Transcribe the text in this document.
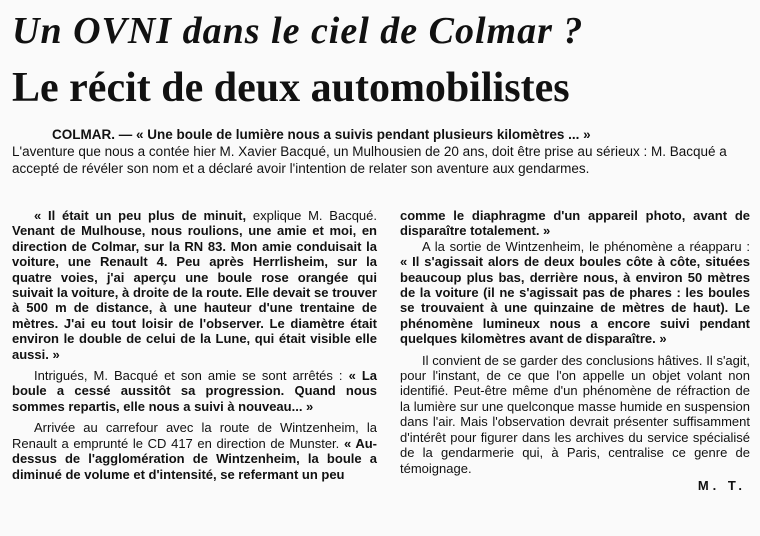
Un OVNI dans le ciel de Colmar ?
Le récit de deux automobilistes
COLMAR. — « Une boule de lumière nous a suivis pendant plusieurs kilomètres ... »
L'aventure que nous a contée hier M. Xavier Bacqué, un Mulhousien de 20 ans, doit être prise au sérieux : M. Bacqué a accepté de révéler son nom et a déclaré avoir l'intention de relater son aventure aux gendarmes.

« Il était un peu plus de minuit, explique M. Bacqué. Venant de Mulhouse, nous roulions, une amie et moi, en direction de Colmar, sur la RN 83. Mon amie conduisait la voiture, une Renault 4. Peu après Herrlisheim, sur la quatre voies, j'ai aperçu une boule rose orangée qui suivait la voiture, à droite de la route. Elle devait se trouver à 500 m de distance, à une hauteur d'une trentaine de mètres. J'ai eu tout loisir de l'observer. Le diamètre était environ le double de celui de la Lune, qui était visible elle aussi. »

Intrigués, M. Bacqué et son amie se sont arrêtés : « La boule a cessé aussitôt sa progression. Quand nous sommes repartis, elle nous a suivi à nouveau... »

Arrivée au carrefour avec la route de Wintzenheim, la Renault a emprunté le CD 417 en direction de Munster. « Au-dessus de l'agglomération de Wintzenheim, la boule a diminué de volume et d'intensité, se refermant un peu

comme le diaphragme d'un appareil photo, avant de disparaître totalement. »

A la sortie de Wintzenheim, le phénomène a réapparu : « Il s'agissait alors de deux boules côte à côte, situées beaucoup plus bas, derrière nous, à environ 50 mètres de la voiture (il ne s'agissait pas de phares : les boules se trouvaient à une quinzaine de mètres de haut). Le phénomène lumineux nous a encore suivi pendant quelques kilomètres avant de disparaître. »

Il convient de se garder des conclusions hâtives. Il s'agit, pour l'instant, de ce que l'on appelle un objet volant non identifié. Peut-être même d'un phénomène de réfraction de la lumière sur une quelconque masse humide en suspension dans l'air. Mais l'observation devrait présenter suffisamment d'intérêt pour figurer dans les archives du service spécialisé de la gendarmerie qui, à Paris, centralise ce genre de témoignage.

M. T.
